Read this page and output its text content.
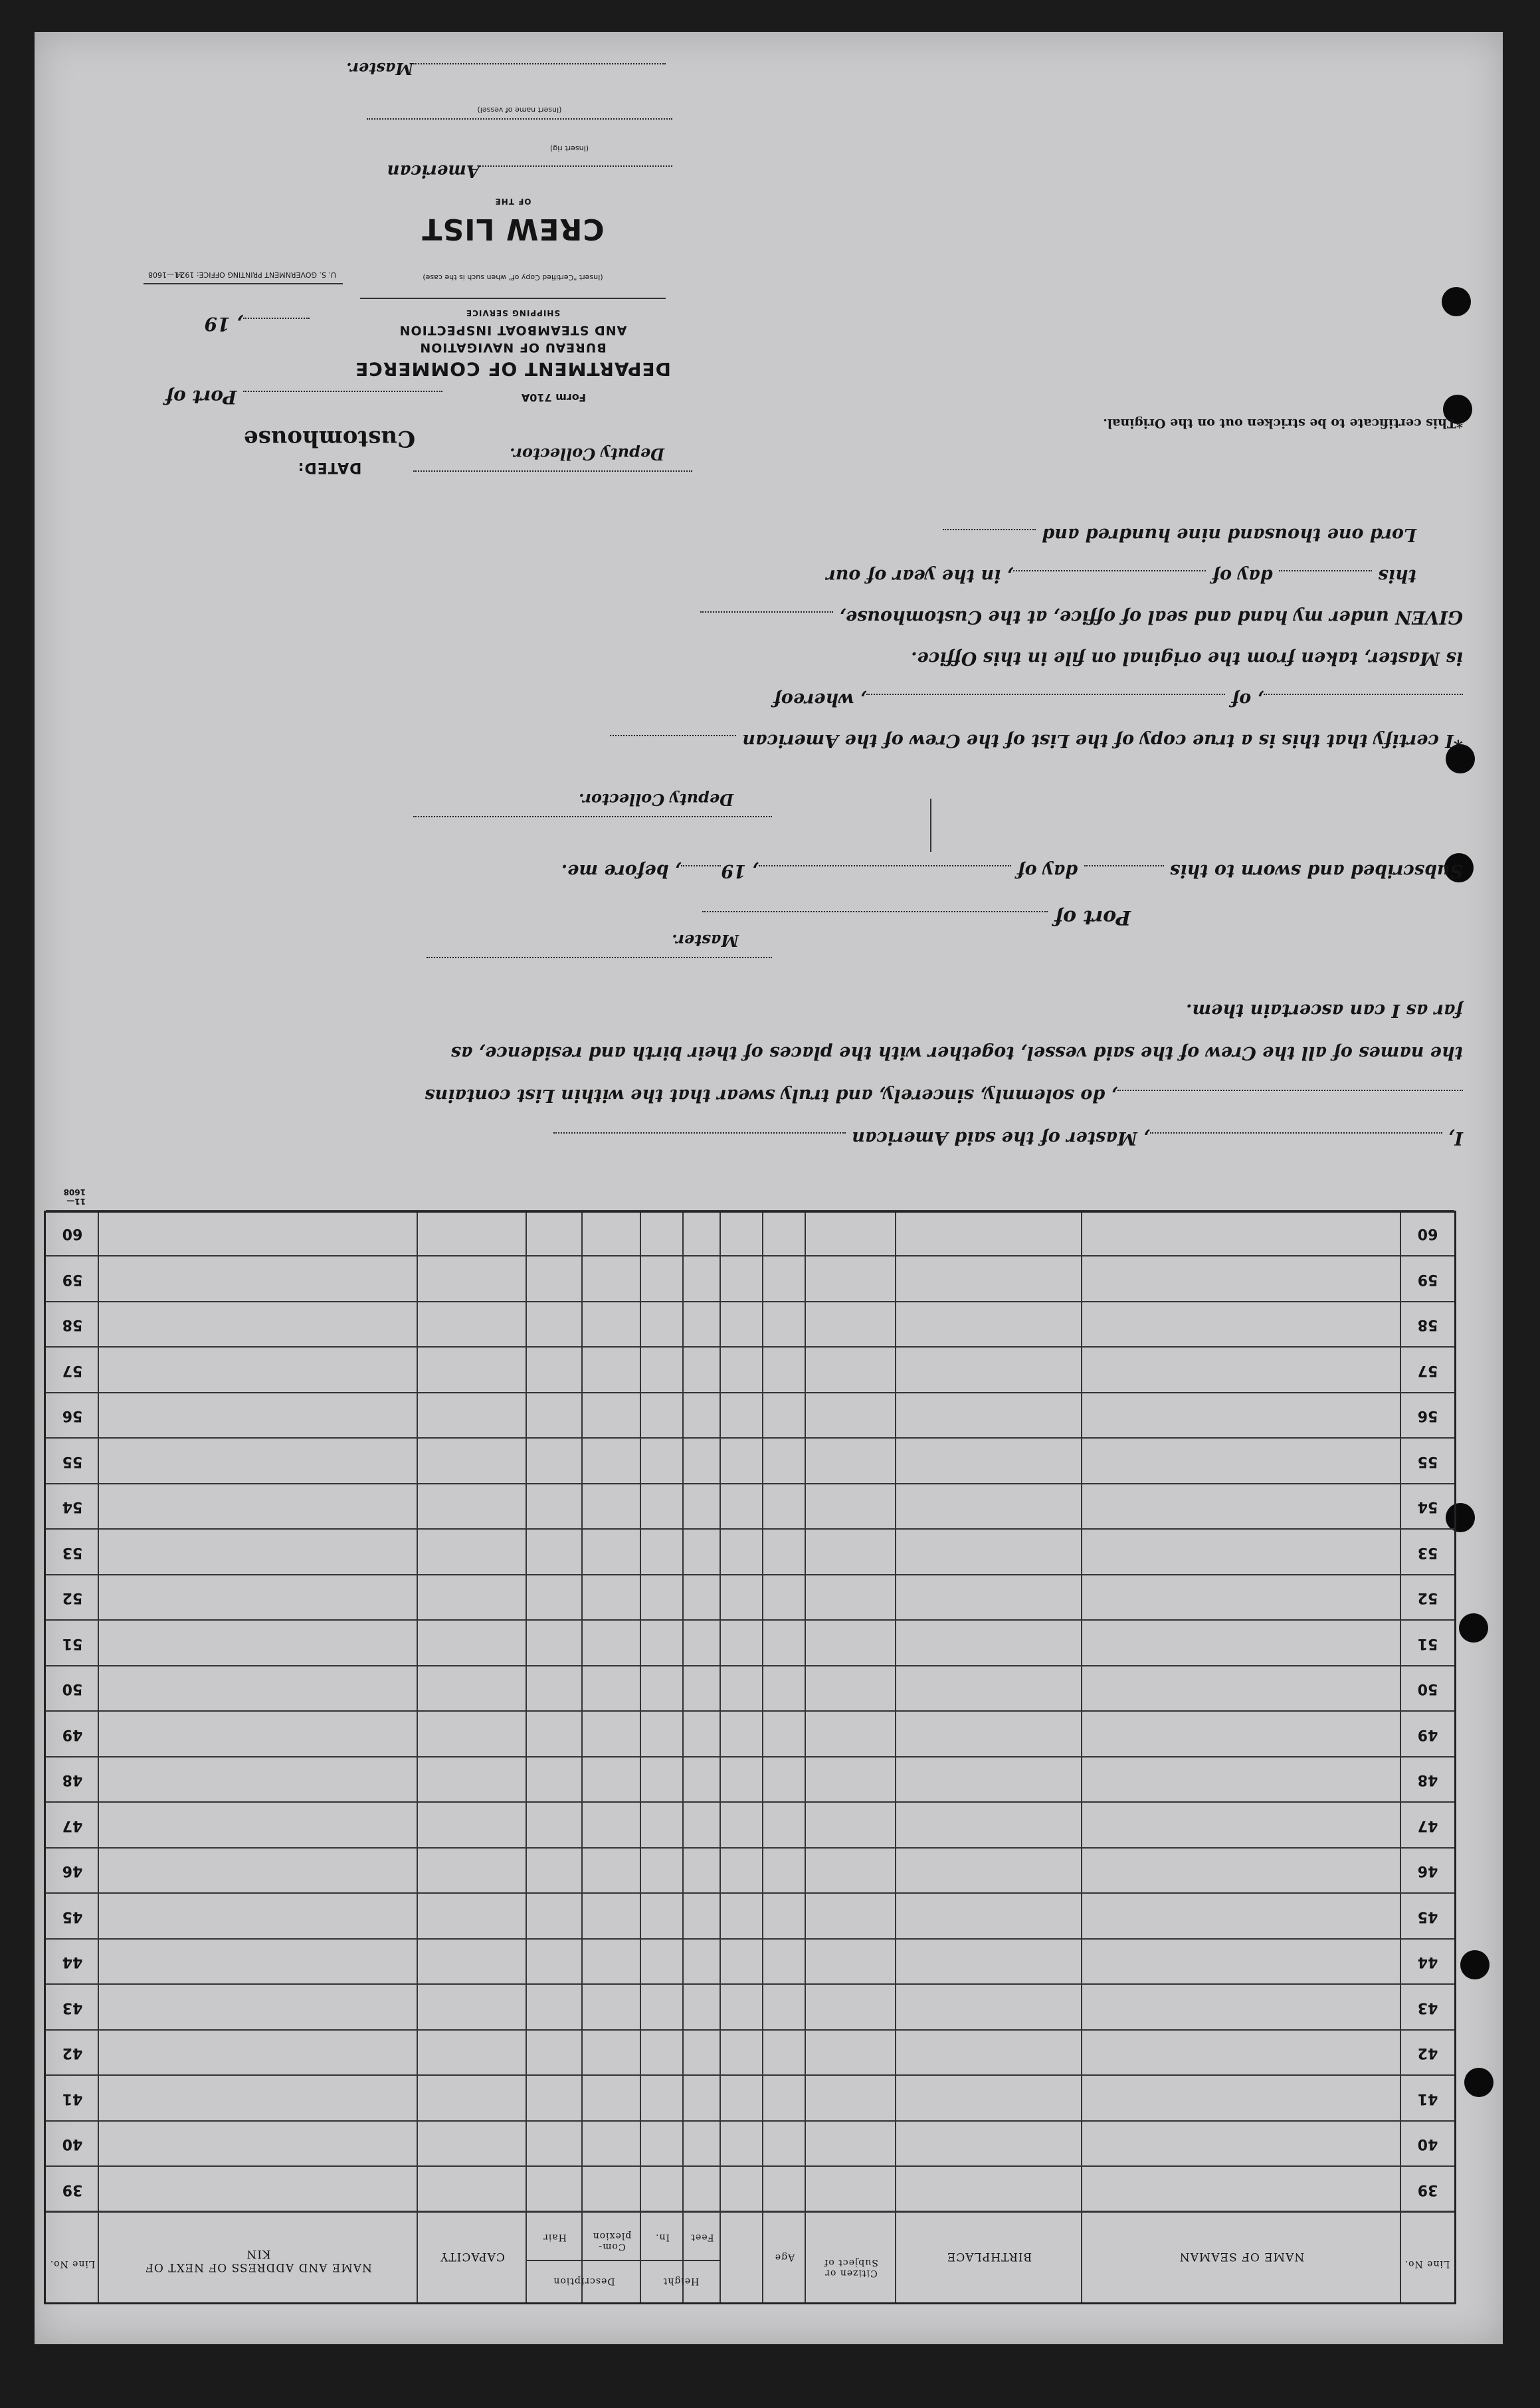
Line No.
NAME OF SEAMAN
BIRTHPLACE
Citizen or Subject of
Age
Height
Feet
In.
Description
Com-plexion
Hair
CAPACITY
NAME AND ADDRESS OF NEXT OF KIN
Line No.
39
39
40
40
41
41
42
42
43
43
44
44
45
45
46
46
47
47
48
48
49
49
50
50
51
51
52
52
53
53
54
54
55
55
56
56
57
57
58
58
59
59
60
60
11—1608
I, , Master of the said American
, do solemnly, sincerely, and truly swear that the within List contains
the names of all the Crew of the said vessel, together with the places of their birth and residence, as
far as I can ascertain them.
Master.
Port of
Subscribed and sworn to this  day of , 19, before me.
Deputy Collector.
*I certify that this is a true copy of the List of the Crew of the American
, of , whereof
is Master, taken from the original on file in this Office.
GIVEN under my hand and seal of office, at the Customhouse,
this  day of , in the year of our
Lord one thousand nine hundred and
Deputy Collector.
*This certificate to be stricken out on the Original.
Form 710A
DEPARTMENT OF COMMERCE
BUREAU OF NAVIGATION
AND STEAMBOAT INSPECTION
SHIPPING SERVICE
(Insert "Certified Copy of" when such is the case)
CREW LIST
OF THE
American
(Insert rig)
(Insert name of vessel)
Master.
DATED:
Customhouse
Port of
, 19
U. S. GOVERNMENT PRINTING OFFICE: 1924
11—1608
